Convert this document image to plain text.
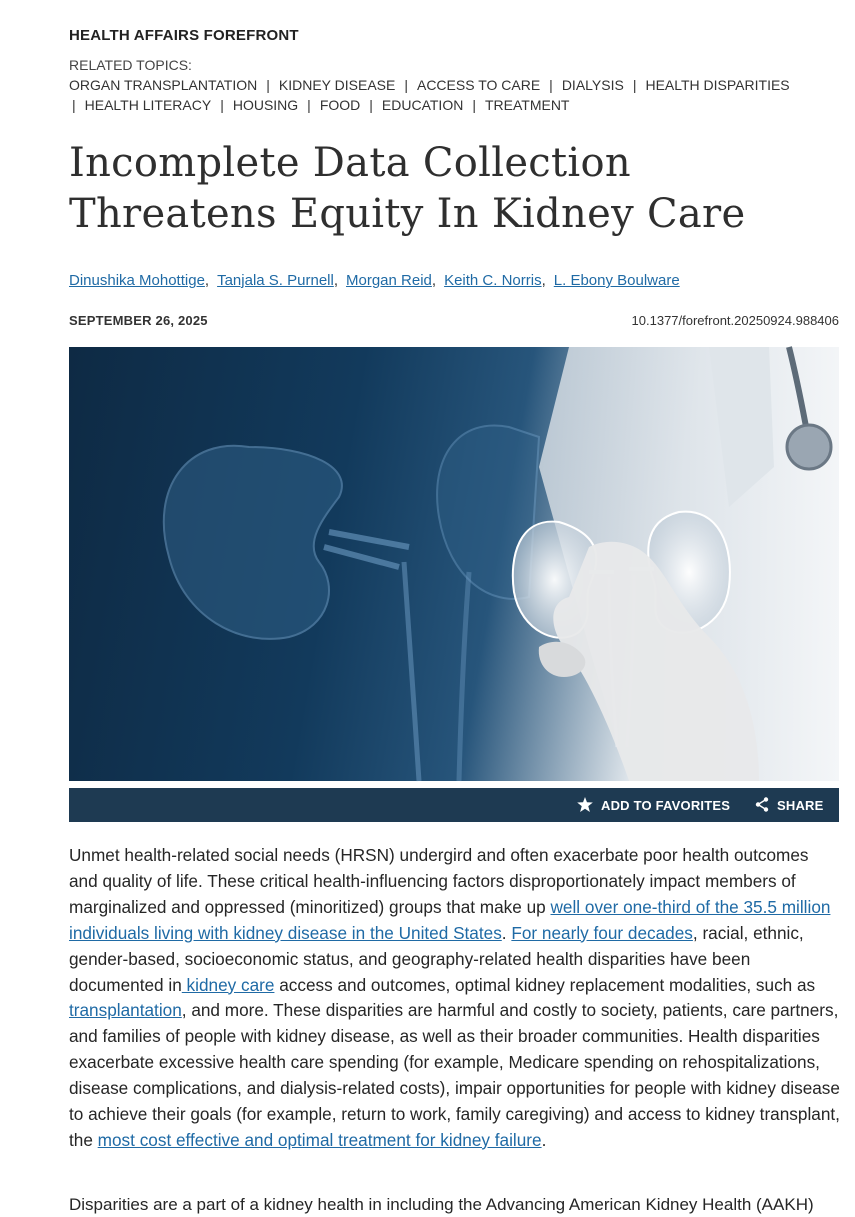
HEALTH AFFAIRS FOREFRONT
RELATED TOPICS:
ORGAN TRANSPLANTATION | KIDNEY DISEASE | ACCESS TO CARE | DIALYSIS | HEALTH DISPARITIES
| HEALTH LITERACY | HOUSING | FOOD | EDUCATION | TREATMENT
Incomplete Data Collection Threatens Equity In Kidney Care
Dinushika Mohottige, Tanjala S. Purnell, Morgan Reid, Keith C. Norris, L. Ebony Boulware
SEPTEMBER 26, 2025	10.1377/forefront.20250924.988406
ADD TO FAVORITES	SHARE

Unmet health-related social needs (HRSN) undergird and often exacerbate poor health outcomes and quality of life. These critical health-influencing factors disproportionately impact members of marginalized and oppressed (minoritized) groups that make up well over one-third of the 35.5 million individuals living with kidney disease in the United States. For nearly four decades, racial, ethnic, gender-based, socioeconomic status, and geography-related health disparities have been documented in kidney care access and outcomes, optimal kidney replacement modalities, such as transplantation, and more. These disparities are harmful and costly to society, patients, care partners, and families of people with kidney disease, as well as their broader communities. Health disparities exacerbate excessive health care spending (for example, Medicare spending on rehospitalizations, disease complications, and dialysis-related costs), impair opportunities for people with kidney disease to achieve their goals (for example, return to work, family caregiving) and access to kidney transplant, the most cost effective and optimal treatment for kidney failure.

Disparities are a part of a kidney health in including the Advancing American Kidney Health (AAKH)
